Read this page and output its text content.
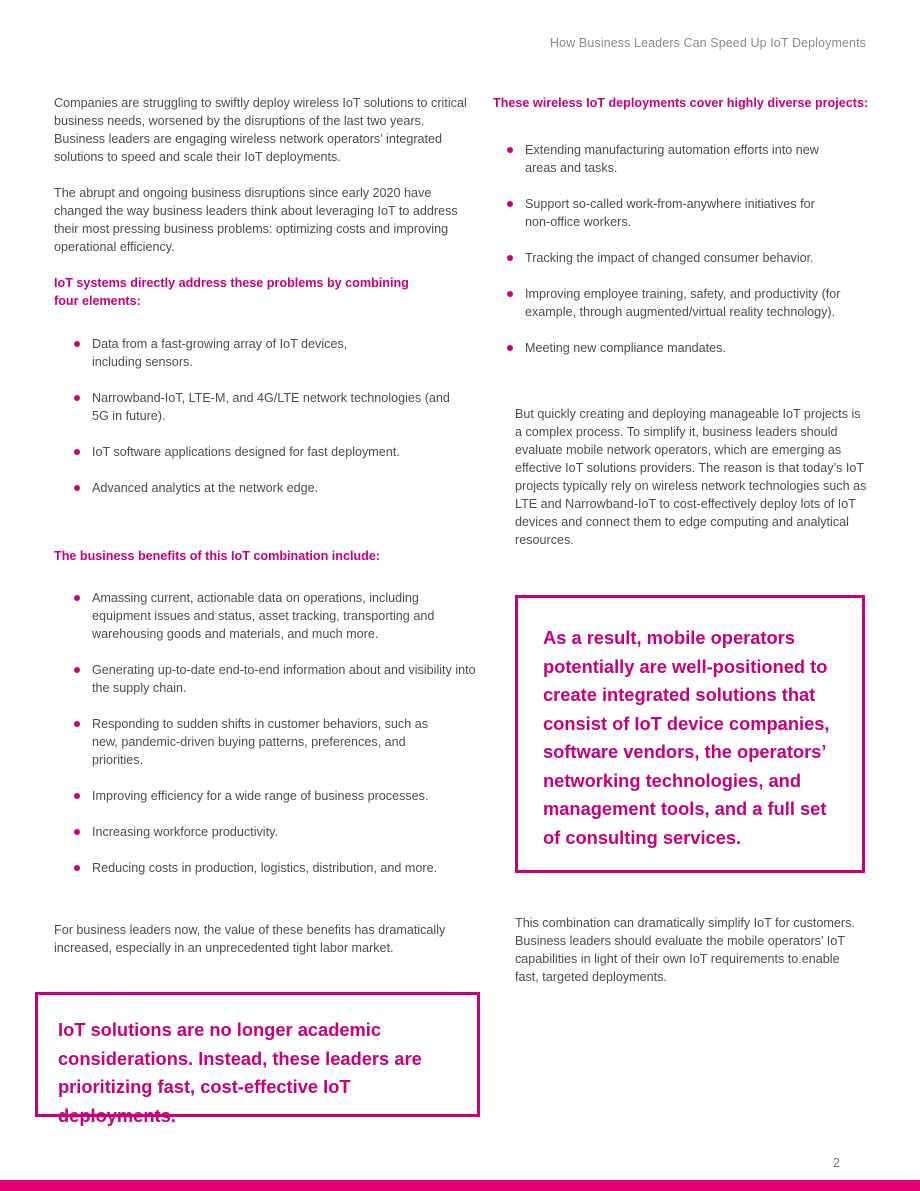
How Business Leaders Can Speed Up IoT Deployments

Companies are struggling to swiftly deploy wireless IoT solutions to critical business needs, worsened by the disruptions of the last two years. Business leaders are engaging wireless network operators’ integrated solutions to speed and scale their IoT deployments.

The abrupt and ongoing business disruptions since early 2020 have changed the way business leaders think about leveraging IoT to address their most pressing business problems: optimizing costs and improving operational efficiency.

IoT systems directly address these problems by combining four elements:
Data from a fast-growing array of IoT devices, including sensors.
Narrowband-IoT, LTE-M, and 4G/LTE network technologies (and 5G in future).
IoT software applications designed for fast deployment.
Advanced analytics at the network edge.
The business benefits of this IoT combination include:
Amassing current, actionable data on operations, including equipment issues and status, asset tracking, transporting and warehousing goods and materials, and much more.
Generating up-to-date end-to-end information about and visibility into the supply chain.
Responding to sudden shifts in customer behaviors, such as new, pandemic-driven buying patterns, preferences, and priorities.
Improving efficiency for a wide range of business processes.
Increasing workforce productivity.
Reducing costs in production, logistics, distribution, and more.

For business leaders now, the value of these benefits has dramatically increased, especially in an unprecedented tight labor market.

IoT solutions are no longer academic considerations. Instead, these leaders are prioritizing fast, cost-effective IoT deployments.
These wireless IoT deployments cover highly diverse projects:
Extending manufacturing automation efforts into new areas and tasks.
Support so-called work-from-anywhere initiatives for non-office workers.
Tracking the impact of changed consumer behavior.
Improving employee training, safety, and productivity (for example, through augmented/virtual reality technology).
Meeting new compliance mandates.

But quickly creating and deploying manageable IoT projects is a complex process. To simplify it, business leaders should evaluate mobile network operators, which are emerging as effective IoT solutions providers. The reason is that today’s IoT projects typically rely on wireless network technologies such as LTE and Narrowband-IoT to cost-effectively deploy lots of IoT devices and connect them to edge computing and analytical resources.

As a result, mobile operators potentially are well-positioned to create integrated solutions that consist of IoT device companies, software vendors, the operators’ networking technologies, and management tools, and a full set of consulting services.

This combination can dramatically simplify IoT for customers. Business leaders should evaluate the mobile operators’ IoT capabilities in light of their own IoT requirements to enable fast, targeted deployments.

2
